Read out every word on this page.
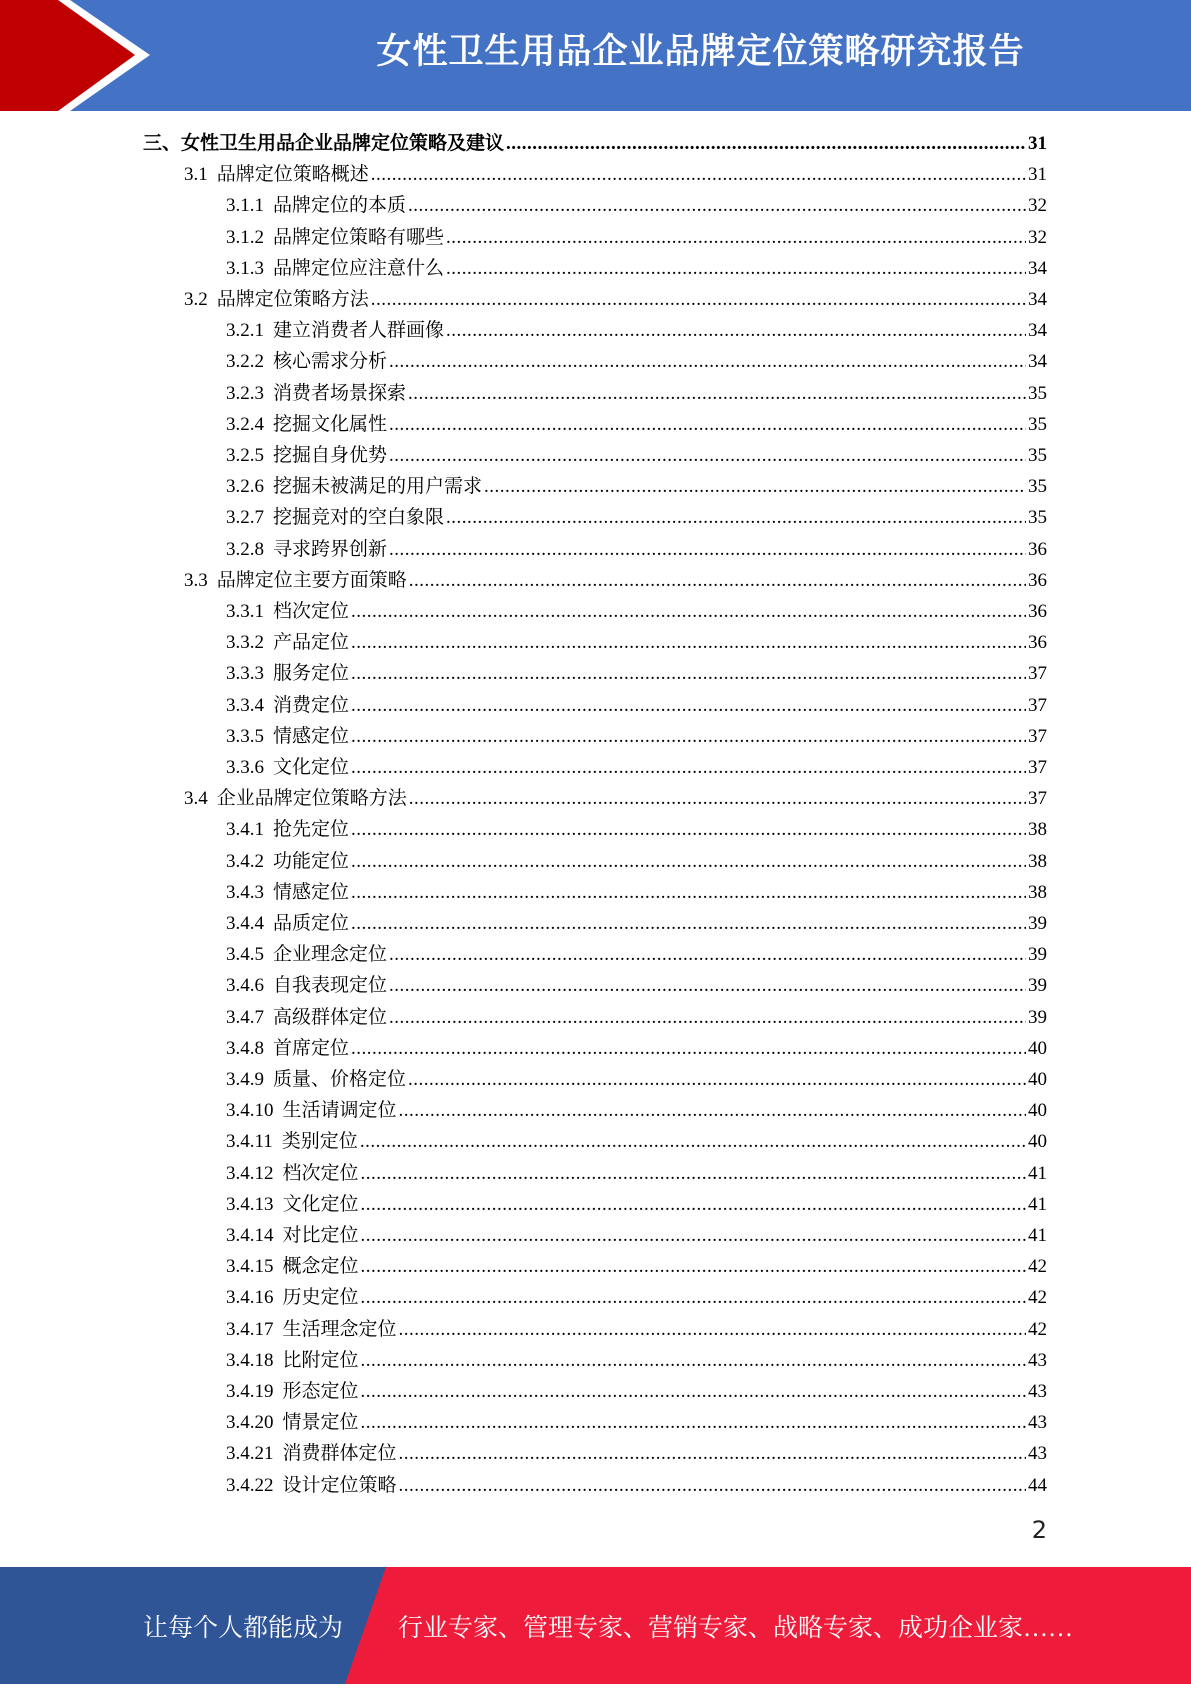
女性卫生用品企业品牌定位策略研究报告
三、 女性卫生用品企业品牌定位策略及建议 .....	31
3.1 品牌定位策略概述 .....	31
3.1.1 品牌定位的本质 .....	32
3.1.2 品牌定位策略有哪些 .....	32
3.1.3 品牌定位应注意什么 .....	34
3.2 品牌定位策略方法 .....	34
3.2.1 建立消费者人群画像 .....	34
3.2.2 核心需求分析 .....	34
3.2.3 消费者场景探索 .....	35
3.2.4 挖掘文化属性 .....	35
3.2.5 挖掘自身优势 .....	35
3.2.6 挖掘未被满足的用户需求 .....	35
3.2.7 挖掘竞对的空白象限 .....	35
3.2.8 寻求跨界创新 .....	36
3.3 品牌定位主要方面策略 .....	36
3.3.1 档次定位 .....	36
3.3.2 产品定位 .....	36
3.3.3 服务定位 .....	37
3.3.4 消费定位 .....	37
3.3.5 情感定位 .....	37
3.3.6 文化定位 .....	37
3.4 企业品牌定位策略方法 .....	37
3.4.1 抢先定位 .....	38
3.4.2 功能定位 .....	38
3.4.3 情感定位 .....	38
3.4.4 品质定位 .....	39
3.4.5 企业理念定位 .....	39
3.4.6 自我表现定位 .....	39
3.4.7 高级群体定位 .....	39
3.4.8 首席定位 .....	40
3.4.9 质量、价格定位 .....	40
3.4.10 生活请调定位 .....	40
3.4.11 类别定位 .....	40
3.4.12 档次定位 .....	41
3.4.13 文化定位 .....	41
3.4.14 对比定位 .....	41
3.4.15 概念定位 .....	42
3.4.16 历史定位 .....	42
3.4.17 生活理念定位 .....	42
3.4.18 比附定位 .....	43
3.4.19 形态定位 .....	43
3.4.20 情景定位 .....	43
3.4.21 消费群体定位 .....	43
3.4.22 设计定位策略 .....	44
2
让每个人都能成为 行业专家、管理专家、营销专家、战略专家、成功企业家……
